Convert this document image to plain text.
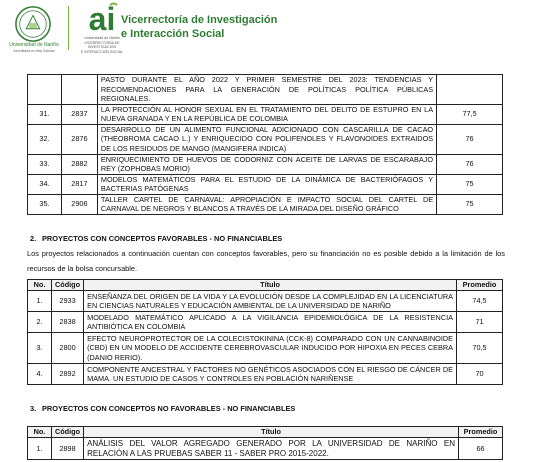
Universidad de Nariño
Acreditada en Alta Calidad
ai
Universidad de Nariño
VICERRECTORÍA DE INVESTIGACIÓN
E INTERACCIÓN SOCIAL
Vicerrectoría de Investigación
e Interacción Social
		PASTO DURANTE EL AÑO 2022 Y PRIMER SEMESTRE DEL 2023: TENDENCIAS Y RECOMENDACIONES PARA LA GENERACIÓN DE POLÍTICAS POLÍTICA PÚBLICAS REGIONALES.	
31.	2837	LA PROTECCIÓN AL HONOR SEXUAL EN EL TRATAMIENTO DEL DELITO DE ESTUPRO EN LA NUEVA GRANADA Y EN LA REPÚBLICA DE COLOMBIA	77,5
32.	2876	DESARROLLO DE UN ALIMENTO FUNCIONAL ADICIONADO CON CASCARILLA DE CACAO (THEOBROMA CACAO L.) Y ENRIQUECIDO CON POLIFENOLES Y FLAVONOIDES EXTRAIDOS DE LOS RESIDUOS DE MANGO (MANGIFERA INDICA)	76
33.	2882	ENRIQUECIMIENTO DE HUEVOS DE CODORNIZ CON ACEITE DE LARVAS DE ESCARABAJO REY (ZOPHOBAS MORIO)	76
34.	2817	MODELOS MATEMÁTICOS PARA EL ESTUDIO DE LA DINÁMICA DE BACTERIÓFAGOS Y BACTERIAS PATÓGENAS	75
35.	2906	TALLER CARTEL DE CARNAVAL: APROPIACIÓN E IMPACTO SOCIAL DEL CARTEL DE CARNAVAL DE NEGROS Y BLANCOS A TRAVÉS DE LA MIRADA DEL DISEÑO GRÁFICO	75
2. PROYECTOS CON CONCEPTOS FAVORABLES - NO FINANCIABLES
Los proyectos relacionados a continuación cuentan con conceptos favorables, pero su financiación no es posible debido a la limitación de los recursos de la bolsa concursable.
No.	Código	Título	Promedio
1.	2933	ENSEÑANZA DEL ORIGEN DE LA VIDA Y LA EVOLUCIÓN DESDE LA COMPLEJIDAD EN LA LICENCIATURA EN CIENCIAS NATURALES Y EDUCACIÓN AMBIENTAL DE LA UNIVERSIDAD DE NARIÑO	74,5
2.	2838	MODELADO MATEMÁTICO APLICADO A LA VIGILANCIA EPIDEMIOLÓGICA DE LA RESISTENCIA ANTIBIÓTICA EN COLOMBIA	71
3.	2800	EFECTO NEUROPROTECTOR DE LA COLECISTOKININA (CCK-8) COMPARADO CON UN CANNABINOIDE (CBD) EN UN MODELO DE ACCIDENTE CEREBROVASCULAR INDUCIDO POR HIPOXIA EN PECES CEBRA (DANIO RERIO).	70,5
4.	2892	COMPONENTE ANCESTRAL Y FACTORES NO GENÉTICOS ASOCIADOS CON EL RIESGO DE CÁNCER DE MAMA. UN ESTUDIO DE CASOS Y CONTROLES EN POBLACIÓN NARIÑENSE	70
3. PROYECTOS CON CONCEPTOS NO FAVORABLES - NO FINANCIABLES
No.	Código	Título	Promedio
1.	2898	ANÁLISIS DEL VALOR AGREGADO GENERADO POR LA UNIVERSIDAD DE NARIÑO EN RELACIÓN A LAS PRUEBAS SABER 11 - SABER PRO 2015-2022.	66
